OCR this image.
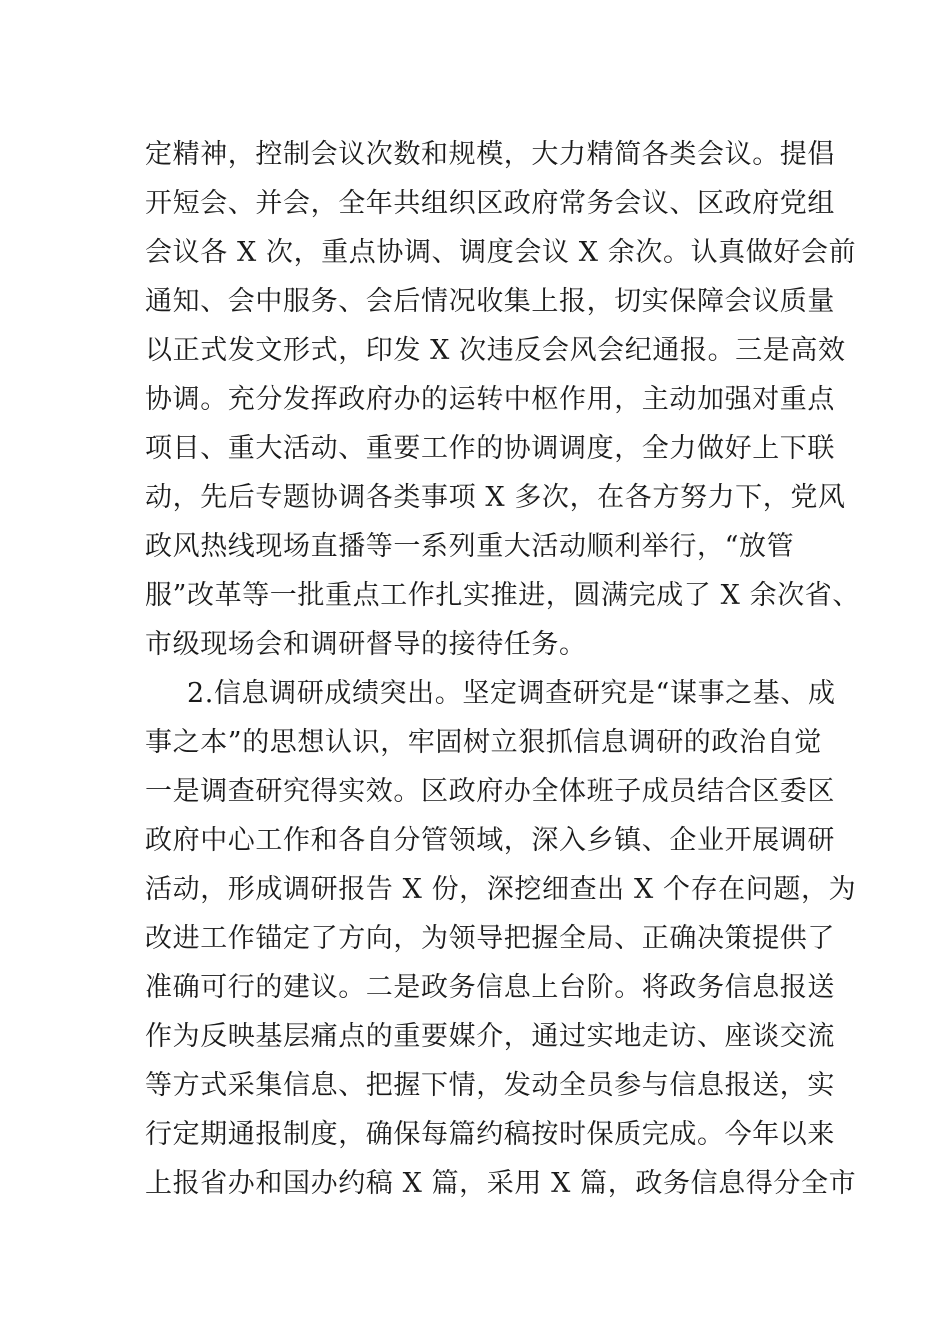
定精神，控制会议次数和规模，大力精简各类会议。提倡
开短会、并会，全年共组织区政府常务会议、区政府党组
会议各 X 次，重点协调、调度会议 X 余次。认真做好会前
通知、会中服务、会后情况收集上报，切实保障会议质量
以正式发文形式，印发 X 次违反会风会纪通报。三是高效
协调。充分发挥政府办的运转中枢作用，主动加强对重点
项目、重大活动、重要工作的协调调度，全力做好上下联
动，先后专题协调各类事项 X 多次，在各方努力下，党风
政风热线现场直播等一系列重大活动顺利举行，“放管
服”改革等一批重点工作扎实推进，圆满完成了 X 余次省、
市级现场会和调研督导的接待任务。
2.信息调研成绩突出。坚定调查研究是“谋事之基、成
事之本”的思想认识，牢固树立狠抓信息调研的政治自觉
一是调查研究得实效。区政府办全体班子成员结合区委区
政府中心工作和各自分管领域，深入乡镇、企业开展调研
活动，形成调研报告 X 份，深挖细查出 X 个存在问题，为
改进工作锚定了方向，为领导把握全局、正确决策提供了
准确可行的建议。二是政务信息上台阶。将政务信息报送
作为反映基层痛点的重要媒介，通过实地走访、座谈交流
等方式采集信息、把握下情，发动全员参与信息报送，实
行定期通报制度，确保每篇约稿按时保质完成。今年以来
上报省办和国办约稿 X 篇，采用 X 篇，政务信息得分全市
